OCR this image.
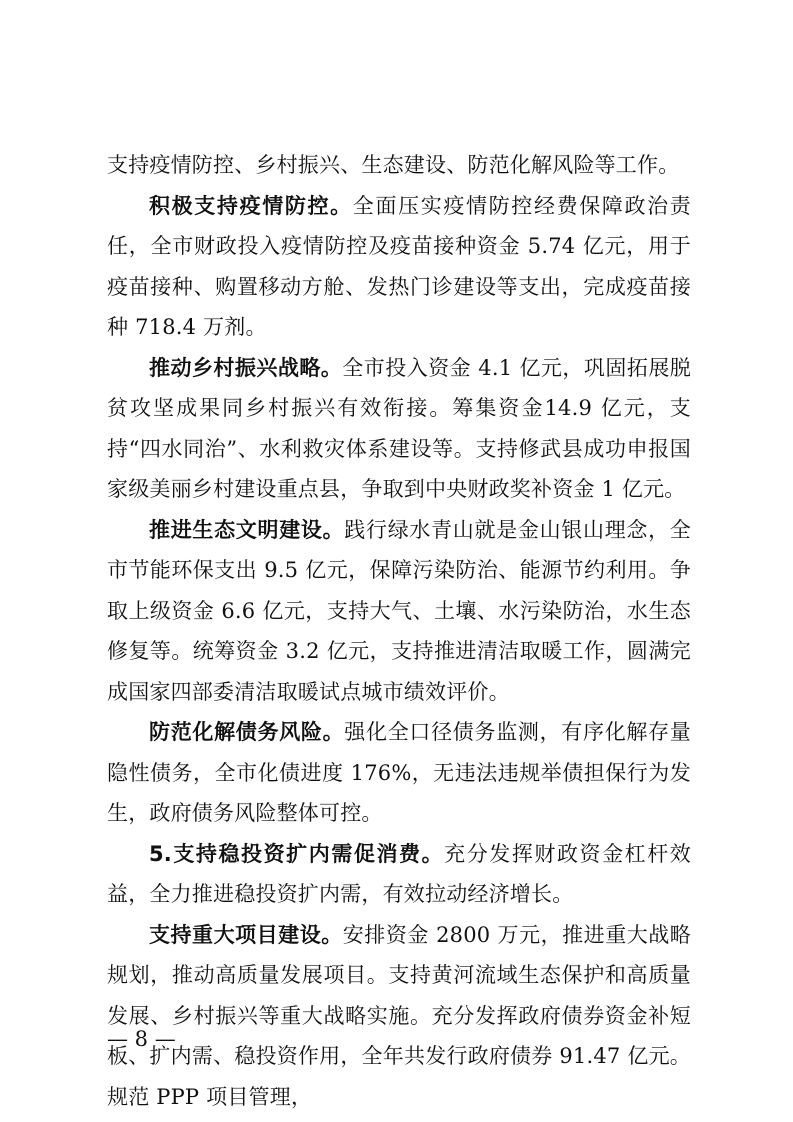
支持疫情防控、乡村振兴、生态建设、防范化解风险等工作。

积极支持疫情防控。全面压实疫情防控经费保障政治责任，全市财政投入疫情防控及疫苗接种资金 5.74 亿元，用于疫苗接种、购置移动方舱、发热门诊建设等支出，完成疫苗接种 718.4 万剂。

推动乡村振兴战略。全市投入资金 4.1 亿元，巩固拓展脱贫攻坚成果同乡村振兴有效衔接。筹集资金14.9 亿元，支持“四水同治”、水利救灾体系建设等。支持修武县成功申报国家级美丽乡村建设重点县，争取到中央财政奖补资金 1 亿元。

推进生态文明建设。践行绿水青山就是金山银山理念，全市节能环保支出 9.5 亿元，保障污染防治、能源节约利用。争取上级资金 6.6 亿元，支持大气、土壤、水污染防治，水生态修复等。统筹资金 3.2 亿元，支持推进清洁取暖工作，圆满完成国家四部委清洁取暖试点城市绩效评价。

防范化解债务风险。强化全口径债务监测，有序化解存量隐性债务，全市化债进度 176%，无违法违规举债担保行为发生，政府债务风险整体可控。

5.支持稳投资扩内需促消费。充分发挥财政资金杠杆效益，全力推进稳投资扩内需，有效拉动经济增长。

支持重大项目建设。安排资金 2800 万元，推进重大战略规划，推动高质量发展项目。支持黄河流域生态保护和高质量发展、乡村振兴等重大战略实施。充分发挥政府债券资金补短板、扩内需、稳投资作用，全年共发行政府债券 91.47 亿元。规范 PPP 项目管理，

— 8 —
